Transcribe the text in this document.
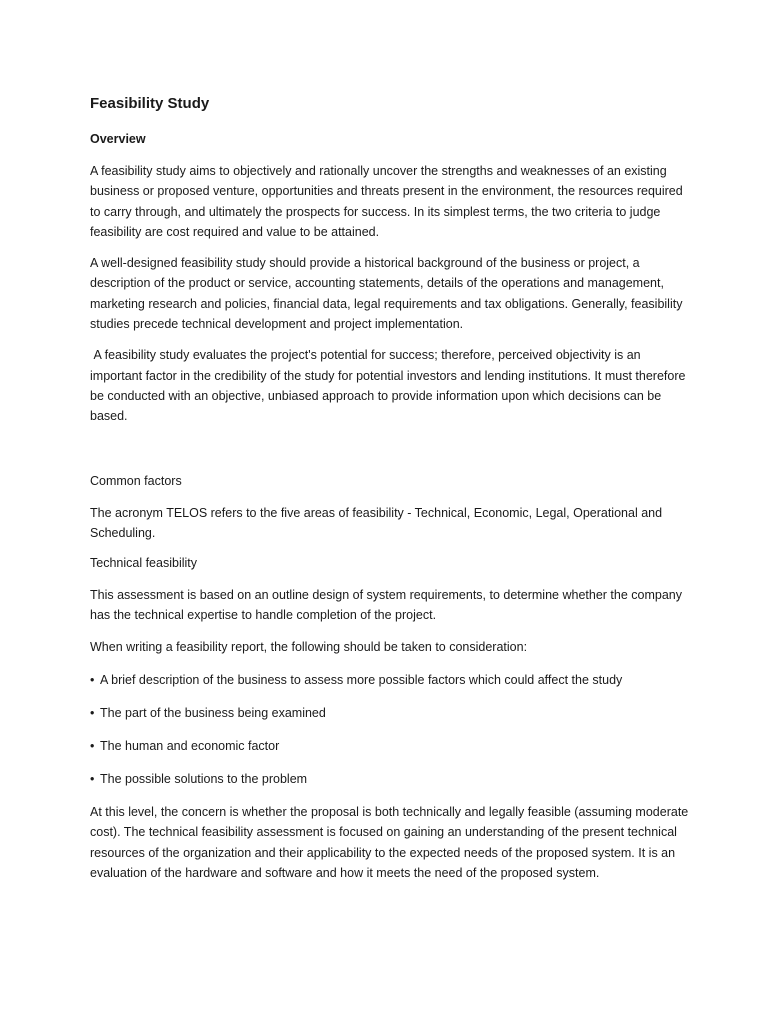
Feasibility Study
Overview

A feasibility study aims to objectively and rationally uncover the strengths and weaknesses of an existing business or proposed venture, opportunities and threats present in the environment, the resources required to carry through, and ultimately the prospects for success. In its simplest terms, the two criteria to judge feasibility are cost required and value to be attained.

A well-designed feasibility study should provide a historical background of the business or project, a description of the product or service, accounting statements, details of the operations and management, marketing research and policies, financial data, legal requirements and tax obligations. Generally, feasibility studies precede technical development and project implementation.

A feasibility study evaluates the project's potential for success; therefore, perceived objectivity is an important factor in the credibility of the study for potential investors and lending institutions. It must therefore be conducted with an objective, unbiased approach to provide information upon which decisions can be based.

Common factors

The acronym TELOS refers to the five areas of feasibility - Technical, Economic, Legal, Operational and Scheduling.

Technical feasibility

This assessment is based on an outline design of system requirements, to determine whether the company has the technical expertise to handle completion of the project.

When writing a feasibility report, the following should be taken to consideration:

• A brief description of the business to assess more possible factors which could affect the study
• The part of the business being examined
• The human and economic factor
• The possible solutions to the problem

At this level, the concern is whether the proposal is both technically and legally feasible (assuming moderate cost). The technical feasibility assessment is focused on gaining an understanding of the present technical resources of the organization and their applicability to the expected needs of the proposed system. It is an evaluation of the hardware and software and how it meets the need of the proposed system.
